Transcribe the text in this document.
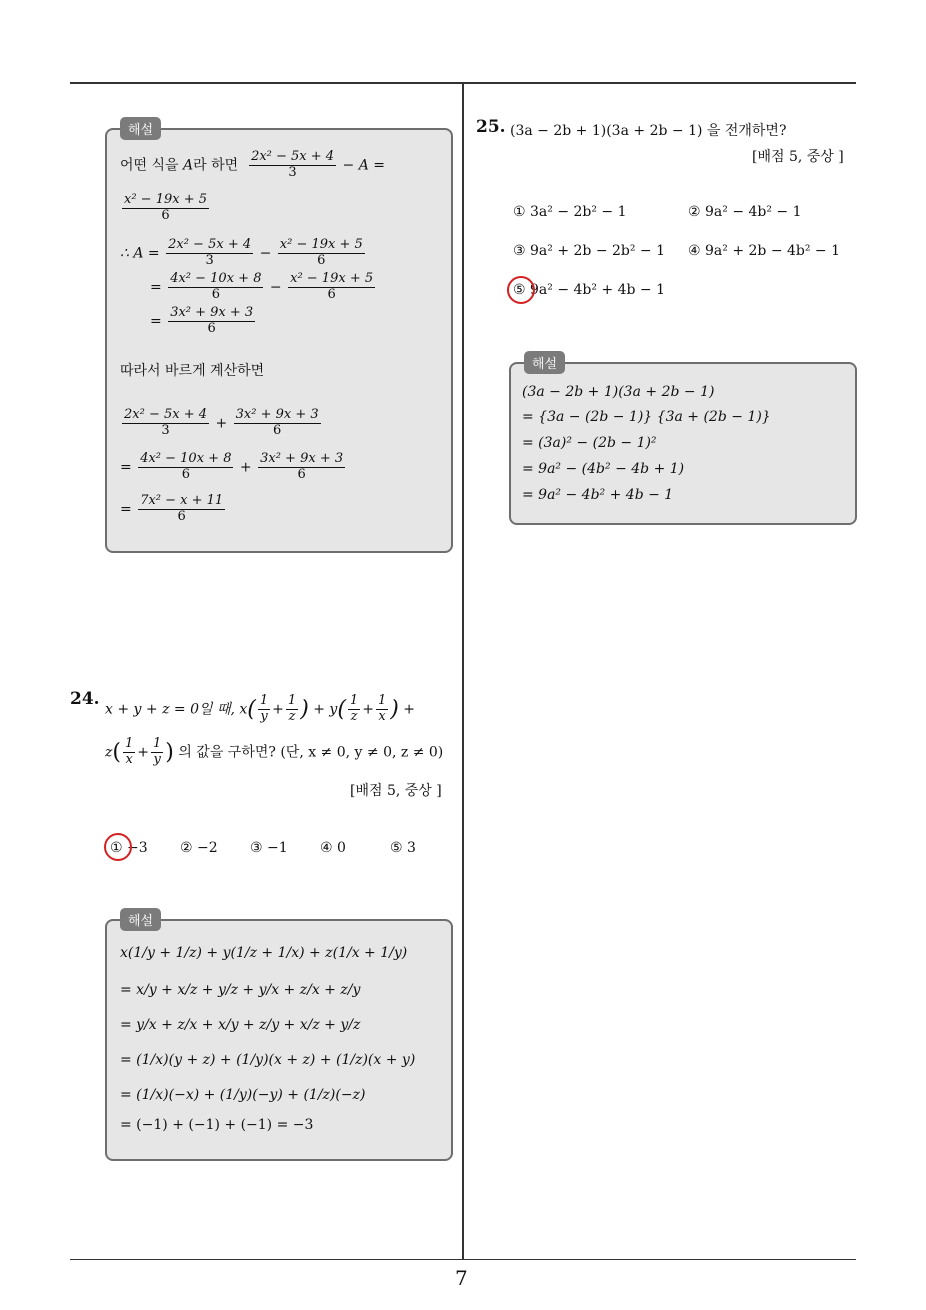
7
해설
어떤 식을 A라 하면 $\frac{\text{2x² − 5x + 4}}{3} - A$ =
$\frac{\text{x² − 19x + 5}}{6}$
∴ $A = \frac{\text{2x² − 5x + 4}}{3} - \frac{\text{x² − 19x + 5}}{6}$
= $\frac{\text{4x² − 10x + 8}}{6} - \frac{\text{x² − 19x + 5}}{6}$
= $\frac{\text{3x² + 9x + 3}}{6}$
따라서 바르게 계산하면
$\frac{\text{2x² − 5x + 4}}{3} + \frac{\text{3x² + 9x + 3}}{6}$
= $\frac{\text{4x² − 10x + 8}}{6} + \frac{\text{3x² + 9x + 3}}{6}$
= $\frac{\text{7x² − x + 11}}{6}$
24.
x + y + z = 0일 때, $x( \frac{1}{y} + \frac{1}{z}$ ) + $y( \frac{1}{z} + \frac{1}{x}$ ) +
$z( \frac{1}{x} + \frac{1}{y}$ ) 의 값을 구하면? (단, x ≠ 0, y ≠ 0, z ≠ 0)
[배점 5, 중상 ]
① −3 ② −2 ③ −1 ④ 0	⑤ 3
해설
x(1/y + 1/z) + y(1/z + 1/x) + z(1/x + 1/y)
= x/y + x/z + y/z + y/x + z/x + z/y
= y/x + z/x + x/y + z/y + x/z + y/z
= (1/x)(y + z) + (1/y)(x + z) + (1/z)(x + y)
= (1/x)(−x) + (1/y)(−y) + (1/z)(−z)
= (−1) + (−1) + (−1) = −3
25. (3a − 2b + 1)(3a + 2b − 1) 을 전개하면?
[배점 5, 중상 ]
① 3a² − 2b² − 1	② 9a² − 4b² − 1
③ 9a² + 2b − 2b² − 1 ④ 9a² + 2b − 4b² − 1
⑤ 9a² − 4b² + 4b − 1
해설
(3a − 2b + 1)(3a + 2b − 1)
= {3a − (2b − 1)} {3a + (2b − 1)}
= (3a)² − (2b − 1)²
= 9a² − (4b² − 4b + 1)
= 9a² − 4b² + 4b − 1
